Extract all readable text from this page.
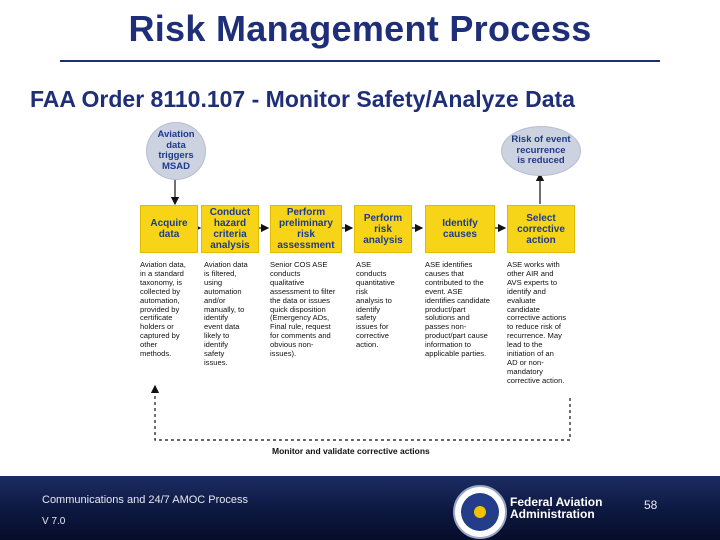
Risk Management Process
FAA Order 8110.107 - Monitor Safety/Analyze Data
Aviation
data
triggers
MSAD
Risk of event
recurrence
is reduced
Acquire
data
Conduct
hazard
criteria
analysis
Perform
preliminary
risk
assessment
Perform
risk
analysis
Identify
causes
Select
corrective
action
Aviation data,
in a standard
taxonomy, is
collected by
automation,
provided by
certificate
holders or
captured by
other
methods.
Aviation data
is filtered,
using
automation
and/or
manually, to
identify
event data
likely to
identify
safety
issues.
Senior COS ASE
conducts
qualitative
assessment to filter
the data or issues
quick disposition
(Emergency ADs,
Final rule, request
for comments and
obvious non-
issues).
ASE
conducts
quantitative
risk
analysis to
identify
safety
issues for
corrective
action.
ASE identifies
causes that
contributed to the
event. ASE
identifies candidate
product/part
solutions and
passes non-
product/part cause
information to
applicable parties.
ASE works with
other AIR and
AVS experts to
identify and
evaluate
candidate
corrective actions
to reduce risk of
recurrence. May
lead to the
initiation of an
AD or non-
mandatory
corrective action.
Monitor and validate corrective actions
Communications and 24/7 AMOC Process
V 7.0
Federal Aviation
Administration
58
